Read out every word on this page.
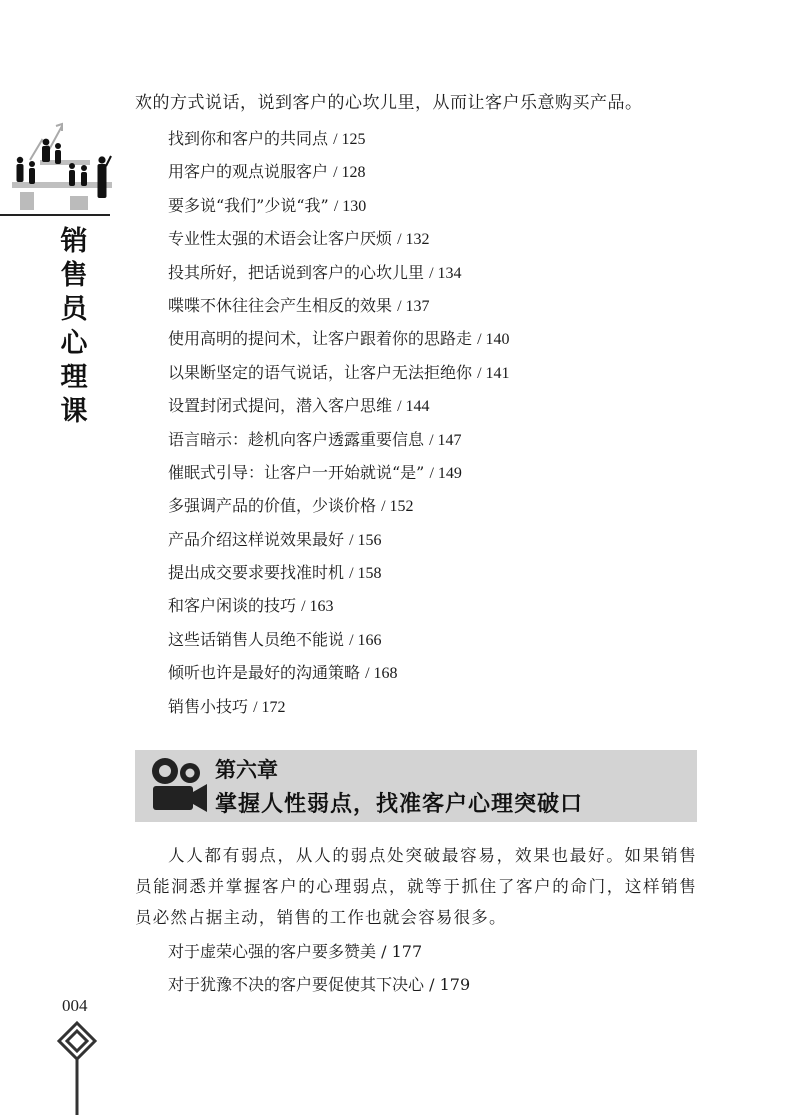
销
售
员
心
理
课
004
欢的方式说话，说到客户的心坎儿里，从而让客户乐意购买产品。
找到你和客户的共同点 / 125
用客户的观点说服客户 / 128
要多说“我们”少说“我” / 130
专业性太强的术语会让客户厌烦 / 132
投其所好，把话说到客户的心坎儿里 / 134
喋喋不休往往会产生相反的效果 / 137
使用高明的提问术，让客户跟着你的思路走 / 140
以果断坚定的语气说话，让客户无法拒绝你 / 141
设置封闭式提问，潜入客户思维 / 144
语言暗示：趁机向客户透露重要信息 / 147
催眠式引导：让客户一开始就说“是” / 149
多强调产品的价值，少谈价格 / 152
产品介绍这样说效果最好 / 156
提出成交要求要找准时机 / 158
和客户闲谈的技巧 / 163
这些话销售人员绝不能说 / 166
倾听也许是最好的沟通策略 / 168
销售小技巧 / 172
第六章
掌握人性弱点，找准客户心理突破口

人人都有弱点，从人的弱点处突破最容易，效果也最好。如果销售员能洞悉并掌握客户的心理弱点，就等于抓住了客户的命门，这样销售员必然占据主动，销售的工作也就会容易很多。

对于虚荣心强的客户要多赞美 / 177
对于犹豫不决的客户要促使其下决心 / 179
